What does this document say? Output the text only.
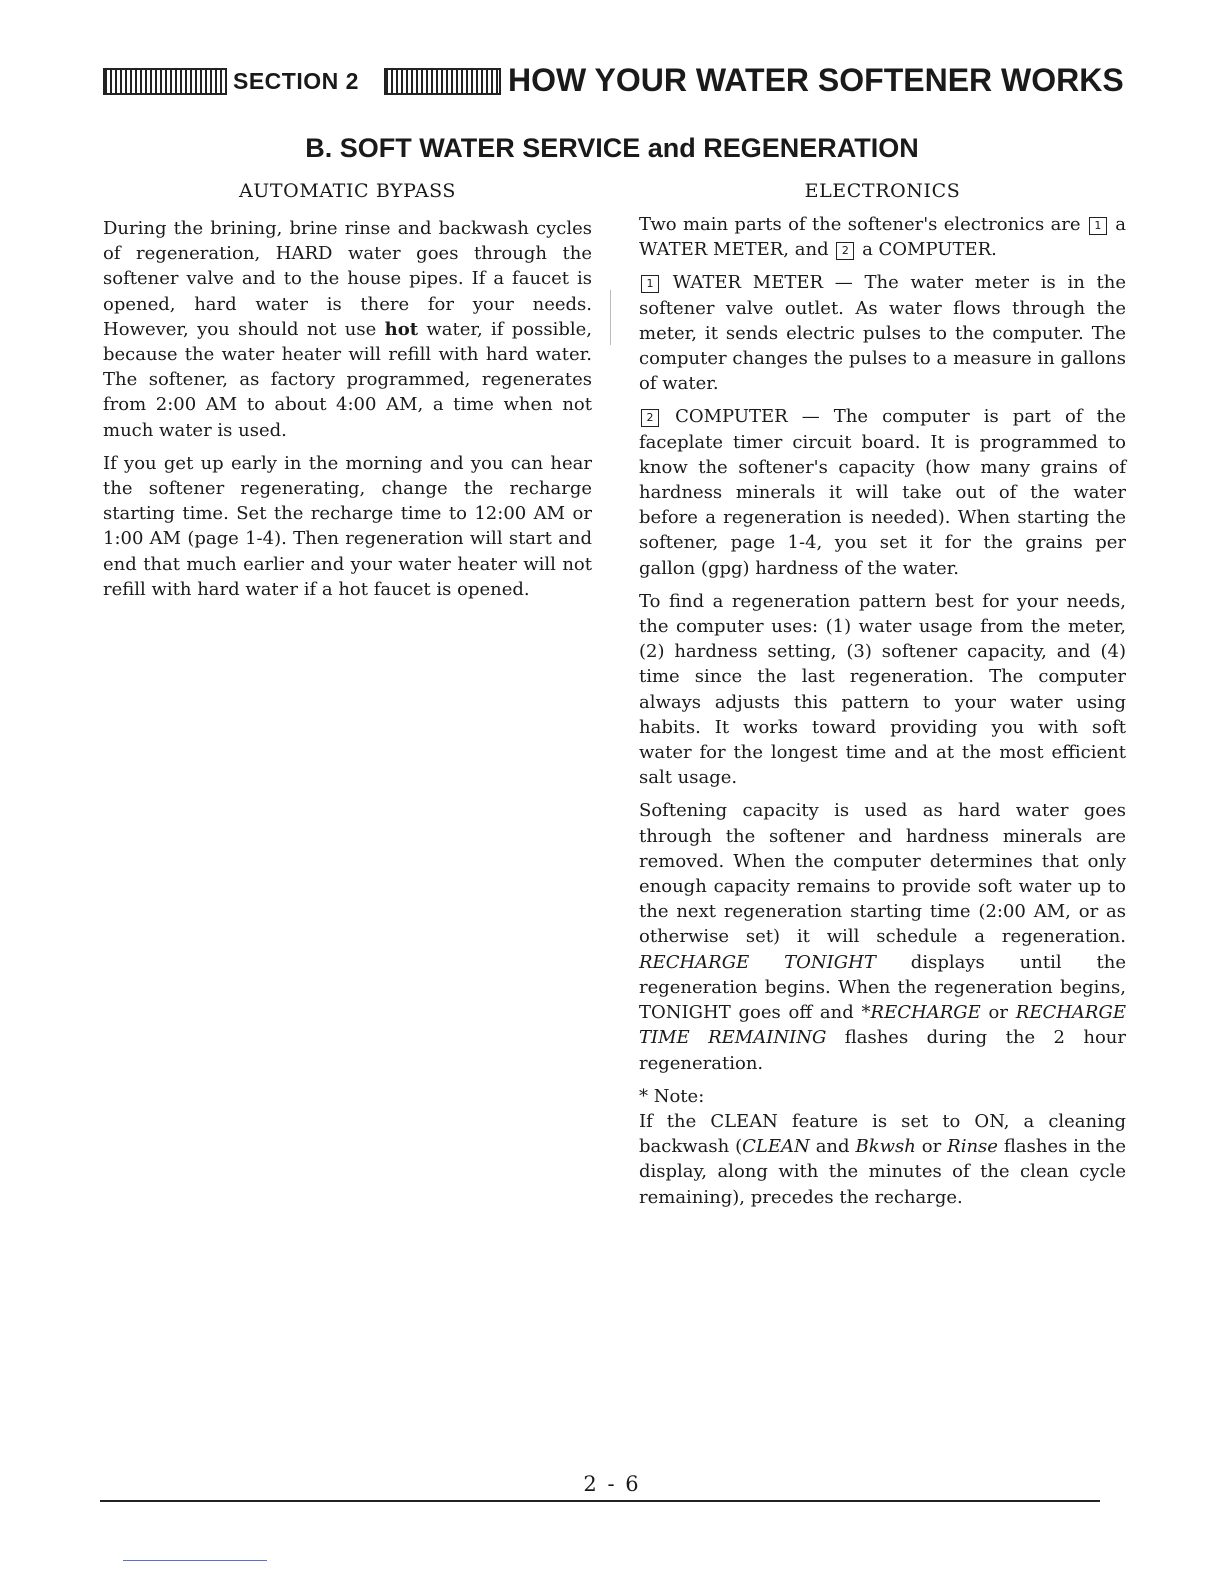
SECTION 2	HOW YOUR WATER SOFTENER WORKS
B. SOFT WATER SERVICE and REGENERATION
AUTOMATIC BYPASS	ELECTRONICS

During the brining, brine rinse and backwash cycles of regeneration, HARD water goes through the softener valve and to the house pipes. If a faucet is opened, hard water is there for your needs. However, you should not use hot water, if possible, because the water heater will refill with hard water. The softener, as factory programmed, regenerates from 2:00 AM to about 4:00 AM, a time when not much water is used.

If you get up early in the morning and you can hear the softener regenerating, change the recharge starting time. Set the recharge time to 12:00 AM or 1:00 AM (page 1-4). Then regeneration will start and end that much earlier and your water heater will not refill with hard water if a hot faucet is opened.

Two main parts of the softener's electronics are 1 a WATER METER, and 2 a COMPUTER.

1 WATER METER — The water meter is in the softener valve outlet. As water flows through the meter, it sends electric pulses to the computer. The computer changes the pulses to a measure in gallons of water.

2 COMPUTER — The computer is part of the faceplate timer circuit board. It is programmed to know the softener's capacity (how many grains of hardness minerals it will take out of the water before a regeneration is needed). When starting the softener, page 1-4, you set it for the grains per gallon (gpg) hardness of the water.

To find a regeneration pattern best for your needs, the computer uses: (1) water usage from the meter, (2) hardness setting, (3) softener capacity, and (4) time since the last regeneration. The computer always adjusts this pattern to your water using habits. It works toward providing you with soft water for the longest time and at the most efficient salt usage.

Softening capacity is used as hard water goes through the softener and hardness minerals are removed. When the computer determines that only enough capacity remains to provide soft water up to the next regeneration starting time (2:00 AM, or as otherwise set) it will schedule a regeneration. RECHARGE TONIGHT displays until the regeneration begins. When the regeneration begins, TONIGHT goes off and *RECHARGE or RECHARGE TIME REMAINING flashes during the 2 hour regeneration.

* Note:

If the CLEAN feature is set to ON, a cleaning backwash (CLEAN and Bkwsh or Rinse flashes in the display, along with the minutes of the clean cycle remaining), precedes the recharge.

2 - 6
